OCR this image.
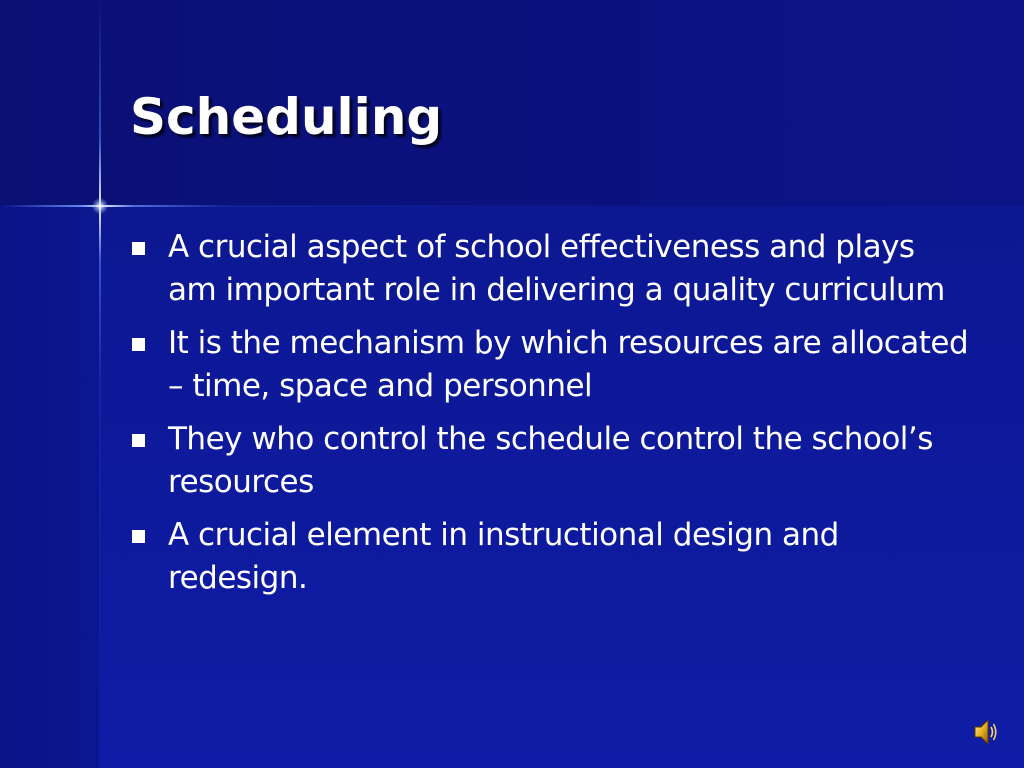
Scheduling
A crucial aspect of school effectiveness and plays am important role in delivering a quality curriculum
It is the mechanism by which resources are allocated – time, space and personnel
They who control the schedule control the school’s resources
A crucial element in instructional design and redesign.
